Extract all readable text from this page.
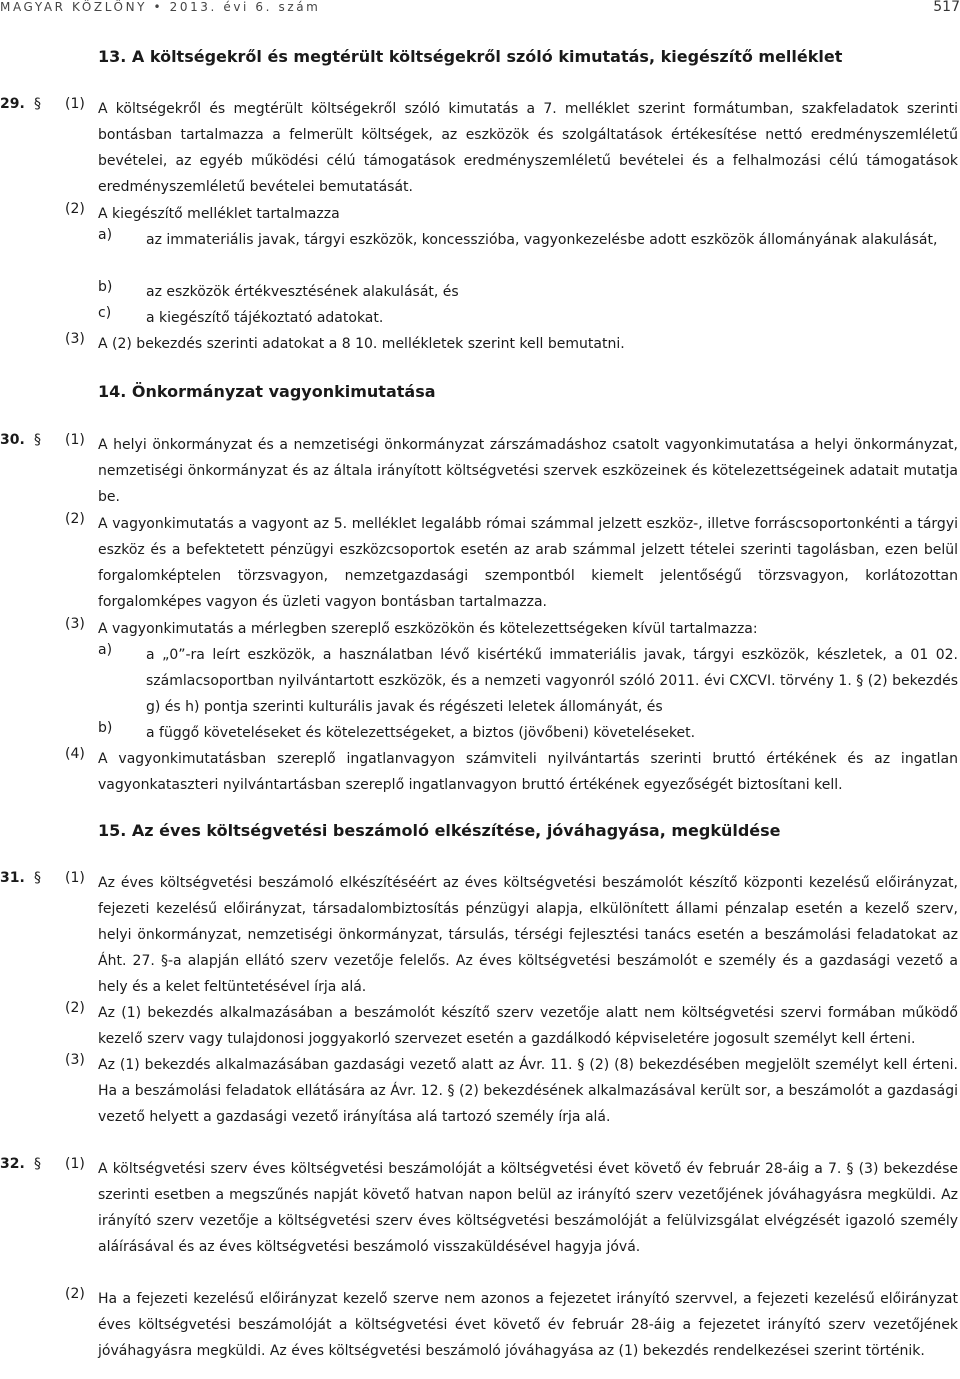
MAGYAR KÖZLÖNY • 2013. évi 6. szám	517
13. A költségekről és megtérült költségekről szóló kimutatás, kiegészítő melléklet
29. § (1) A költségekről és megtérült költségekről szóló kimutatás a 7. melléklet szerint formátumban, szakfeladatok szerinti bontásban tartalmazza a felmerült költségek, az eszközök és szolgáltatások értékesítése nettó eredményszemléletű bevételei, az egyéb működési célú támogatások eredményszemléletű bevételei és a felhalmozási célú támogatások eredményszemléletű bevételei bemutatását.
(2) A kiegészítő melléklet tartalmazza
a) az immateriális javak, tárgyi eszközök, koncesszióba, vagyonkezelésbe adott eszközök állományának alakulását,
b) az eszközök értékvesztésének alakulását, és
c) a kiegészítő tájékoztató adatokat.
(3) A (2) bekezdés szerinti adatokat a 8 10. mellékletek szerint kell bemutatni.
14. Önkormányzat vagyonkimutatása
30. § (1) A helyi önkormányzat és a nemzetiségi önkormányzat zárszámadáshoz csatolt vagyonkimutatása a helyi önkormányzat, nemzetiségi önkormányzat és az általa irányított költségvetési szervek eszközeinek és kötelezettségeinek adatait mutatja be.
(2) A vagyonkimutatás a vagyont az 5. melléklet legalább római számmal jelzett eszköz-, illetve forráscsoportonkénti a tárgyi eszköz és a befektetett pénzügyi eszközcsoportok esetén az arab számmal jelzett tételei szerinti tagolásban, ezen belül forgalomképtelen törzsvagyon, nemzetgazdasági szempontból kiemelt jelentőségű törzsvagyon, korlátozottan forgalomképes vagyon és üzleti vagyon bontásban tartalmazza.
(3) A vagyonkimutatás a mérlegben szereplő eszközökön és kötelezettségeken kívül tartalmazza:
a) a „0”-ra leírt eszközök, a használatban lévő kisértékű immateriális javak, tárgyi eszközök, készletek, a 01 02. számlacsoportban nyilvántartott eszközök, és a nemzeti vagyonról szóló 2011. évi CXCVI. törvény 1. § (2) bekezdés g) és h) pontja szerinti kulturális javak és régészeti leletek állományát, és
b) a függő követeléseket és kötelezettségeket, a biztos (jövőbeni) követeléseket.
(4) A vagyonkimutatásban szereplő ingatlanvagyon számviteli nyilvántartás szerinti bruttó értékének és az ingatlan vagyonkataszteri nyilvántartásban szereplő ingatlanvagyon bruttó értékének egyezőségét biztosítani kell.
15. Az éves költségvetési beszámoló elkészítése, jóváhagyása, megküldése
31. § (1) Az éves költségvetési beszámoló elkészítéséért az éves költségvetési beszámolót készítő központi kezelésű előirányzat, fejezeti kezelésű előirányzat, társadalombiztosítás pénzügyi alapja, elkülönített állami pénzalap esetén a kezelő szerv, helyi önkormányzat, nemzetiségi önkormányzat, társulás, térségi fejlesztési tanács esetén a beszámolási feladatokat az Áht. 27. §-a alapján ellátó szerv vezetője felelős. Az éves költségvetési beszámolót e személy és a gazdasági vezető a hely és a kelet feltüntetésével írja alá.
(2) Az (1) bekezdés alkalmazásában a beszámolót készítő szerv vezetője alatt nem költségvetési szervi formában működő kezelő szerv vagy tulajdonosi joggyakorló szervezet esetén a gazdálkodó képviseletére jogosult személyt kell érteni.
(3) Az (1) bekezdés alkalmazásában gazdasági vezető alatt az Ávr. 11. § (2) (8) bekezdésében megjelölt személyt kell érteni. Ha a beszámolási feladatok ellátására az Ávr. 12. § (2) bekezdésének alkalmazásával került sor, a beszámolót a gazdasági vezető helyett a gazdasági vezető irányítása alá tartozó személy írja alá.
32. § (1) A költségvetési szerv éves költségvetési beszámolóját a költségvetési évet követő év február 28-áig a 7. § (3) bekezdése szerinti esetben a megszűnés napját követő hatvan napon belül az irányító szerv vezetőjének jóváhagyásra megküldi. Az irányító szerv vezetője a költségvetési szerv éves költségvetési beszámolóját a felülvizsgálat elvégzését igazoló személy aláírásával és az éves költségvetési beszámoló visszaküldésével hagyja jóvá.
(2) Ha a fejezeti kezelésű előirányzat kezelő szerve nem azonos a fejezetet irányító szervvel, a fejezeti kezelésű előirányzat éves költségvetési beszámolóját a költségvetési évet követő év február 28-áig a fejezetet irányító szerv vezetőjének jóváhagyásra megküldi. Az éves költségvetési beszámoló jóváhagyása az (1) bekezdés rendelkezései szerint történik.
